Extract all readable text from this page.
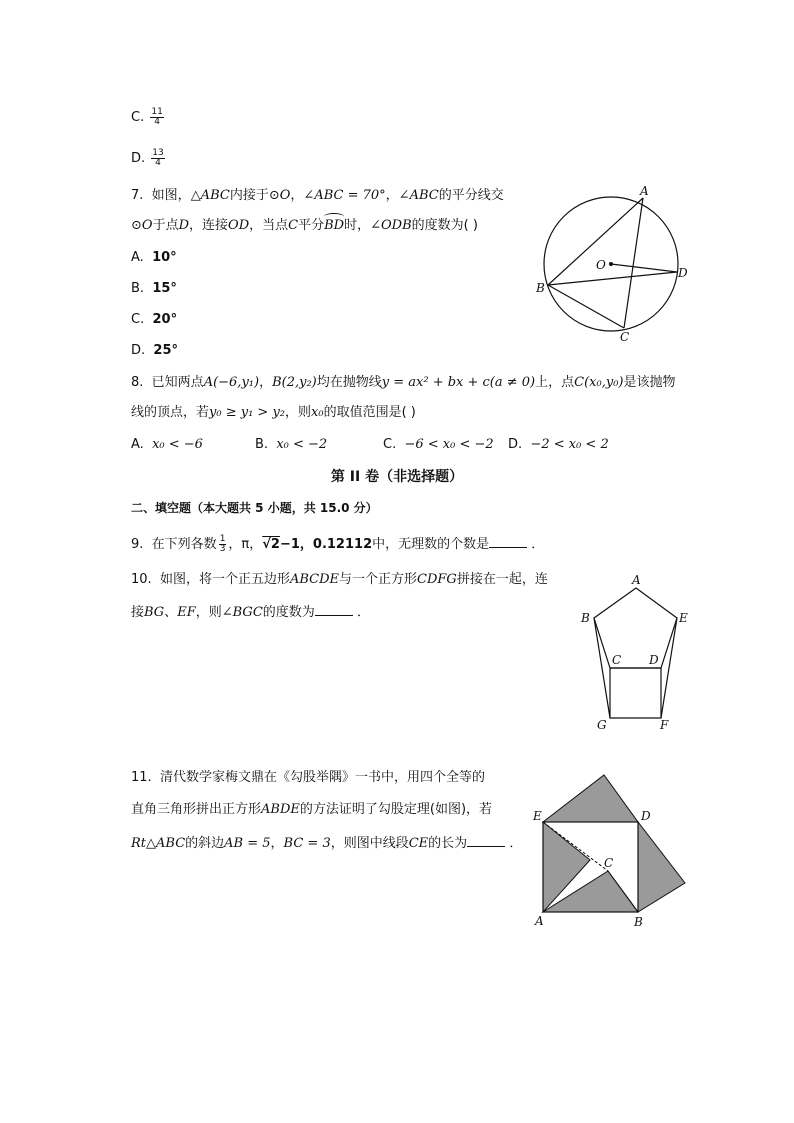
C. $\frac{11}{4}$
D. $\frac{13}{4}$
7. 如图，△ABC内接于⊙O，∠ABC = 70°，∠ABC的平分线交
⊙O于点D，连接OD，当点C平分BD时，∠ODB的度数为( )
A. 10°
B. 15°
C. 20°
D. 25°
A
B
C
D
O
8. 已知两点A(−6,y₁)，B(2,y₂)均在抛物线y = ax² + bx + c(a ≠ 0)上，点C(x₀,y₀)是该抛物
线的顶点，若y₀ ≥ y₁ > y₂，则x₀的取值范围是( )
A. x₀ < −6	B. x₀ < −2	C. −6 < x₀ < −2 D. −2 < x₀ < 2
第 II 卷（非选择题）
二、填空题（本大题共 5 小题，共 15.0 分）
9. 在下列各数 $\frac{1}{3}$ ，π，√2−1，0.12112中，无理数的个数是	．
10. 如图，将一个正五边形ABCDE与一个正方形CDFG拼接在一起，连
接BG、EF，则∠BGC的度数为	．
A
B	E
C D
G	F
11. 清代数学家梅文鼎在《勾股举隅》一书中，用四个全等的
直角三角形拼出正方形ABDE的方法证明了勾股定理(如图)，若
Rt△ABC的斜边AB = 5，BC = 3，则图中线段CE的长为	．
E	D
C
A	B
